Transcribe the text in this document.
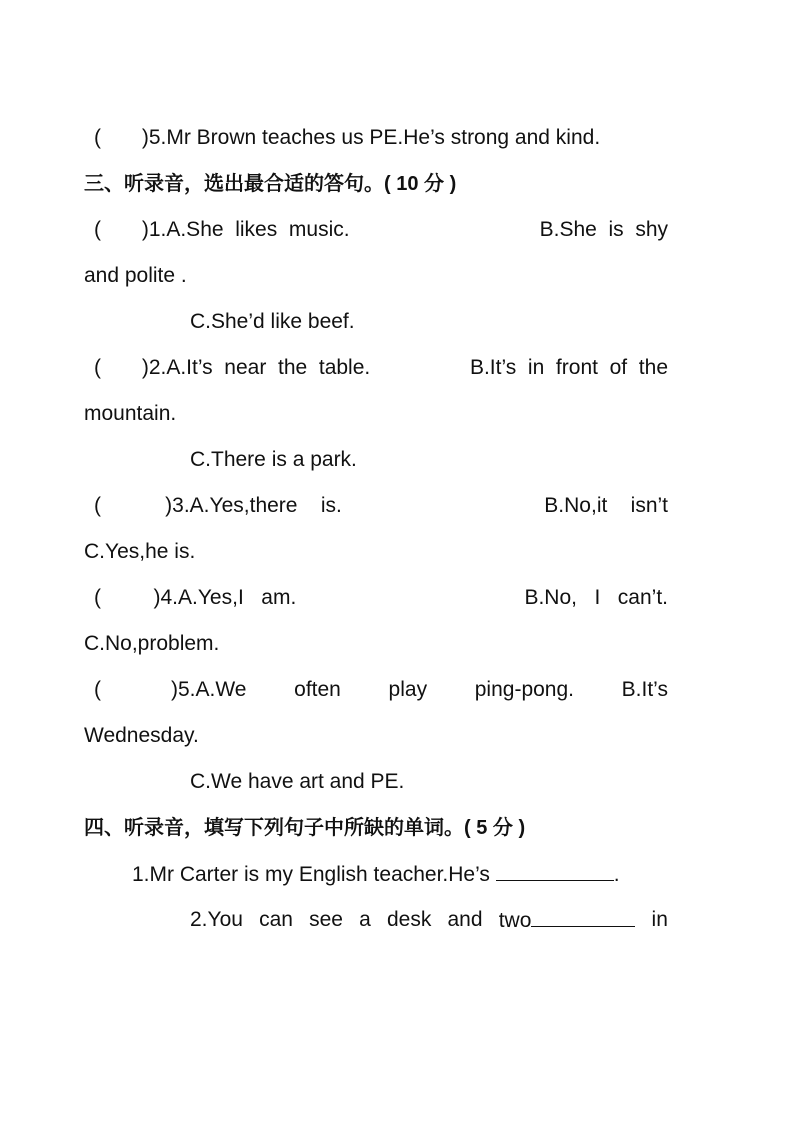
(       )5.Mr Brown teaches us PE.He’s strong and kind.
三、听录音，选出最合适的答句。( 10 分 )
(       )1.A.She  likes  music.	B.She  is  shy
and polite .
C.She’d like beef.
(       )2.A.It’s  near  the  table.	B.It’s  in  front  of  the
mountain.
C.There is a park.
(           )3.A.Yes,there    is.	B.No,it    isn’t
C.Yes,he is.
(         )4.A.Yes,I   am.	B.No,   I   can’t.
C.No,problem.
(            )5.A.We often play ping-pong. B.It’s
Wednesday.
C.We have art and PE.
四、听录音，填写下列句子中所缺的单词。( 5 分 )
1.Mr Carter is my English teacher.He’s	.
2.You can see a desk and two	in
